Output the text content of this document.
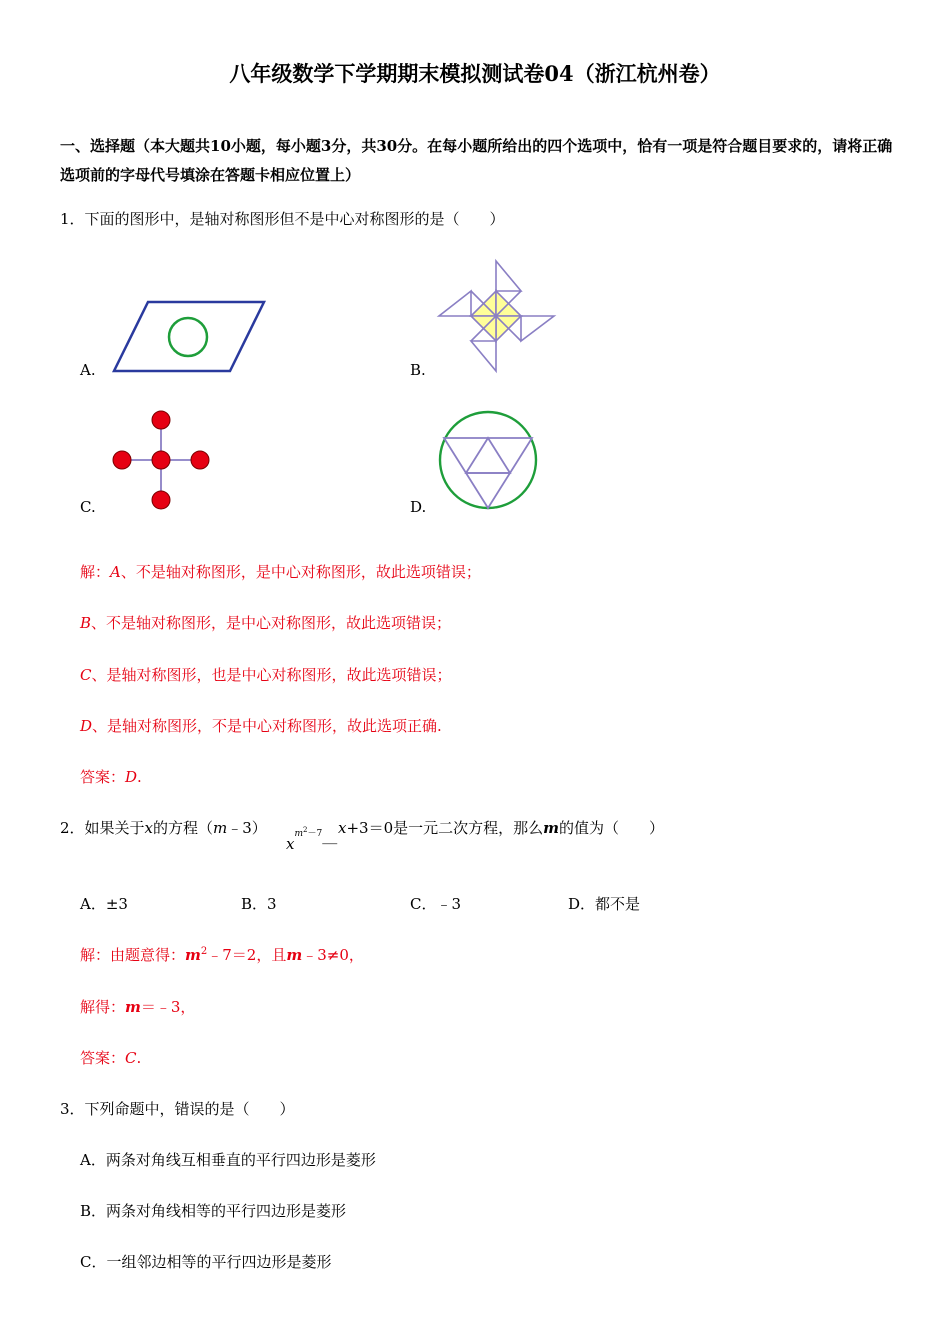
八年级数学下学期期末模拟测试卷04（浙江杭州卷）
一、选择题（本大题共10小题，每小题3分，共30分。在每小题所给出的四个选项中，恰有一项是符合题目要求的，请将正确选项前的字母代号填涂在答题卡相应位置上）
1．下面的图形中，是轴对称图形但不是中心对称图形的是（　　）
A.	B.
C.	D.
解：A、不是轴对称图形，是中心对称图形，故此选项错误；
B、不是轴对称图形，是中心对称图形，故此选项错误；
C、是轴对称图形，也是中心对称图形，故此选项错误；
D、是轴对称图形，不是中心对称图形，故此选项正确.
答案：D.
2．如果关于x的方程（m﹣3）
$xm^2-7\_$ x+3＝0是一元二次方程，那么m的值为（　　）
A．±3	B．3	C．﹣3	D．都不是
解：由题意得：$m^2﹣7=2$，且m﹣3≠0，
解得：m＝﹣3，
答案：C.
3．下列命题中，错误的是（　　）
A．两条对角线互相垂直的平行四边形是菱形
B．两条对角线相等的平行四边形是菱形
C．一组邻边相等的平行四边形是菱形
